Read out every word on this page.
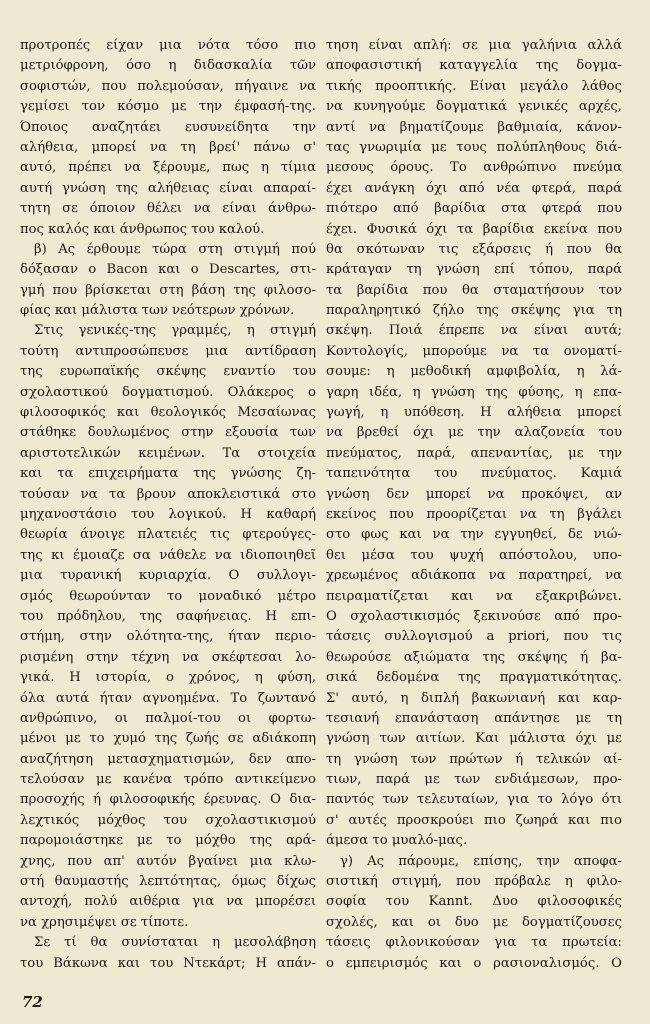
προτροπές είχαν μια νότα τόσο πιο
μετριόφρονη, όσο η διδασκαλία τῶν
σοφιστών, που πολεμούσαν, πήγαινε να
γεμίσει τον κόσμο με την έμφασή-της.
Όποιος αναζητάει ευσυνείδητα την
αλήθεια, μπορεί να τη βρεί' πάνω σ'
αυτό, πρέπει να ξέρουμε, πως η τίμια
αυτή γνώση της αλήθειας είναι απαραί-
τητη σε όποιον θέλει να είναι άνθρω-
πος καλός και άνθρωπος του καλού.
β) Ας έρθουμε τώρα στη στιγμή πού
δόξασαν ο Bacon και ο Descartes, στι-
γμή που βρίσκεται στη βάση της φιλοσο-
φίας και μάλιστα των νεότερων χρόνων.
Στις γενικές-της γραμμές, η στιγμή
τούτη αντιπροσώπευσε μια αντίδραση
της ευρωπαϊκής σκέψης εναντίο του
σχολαστικού δογματισμού. Ολάκερος ο
φιλοσοφικός και θεολογικός Μεσαίωνας
στάθηκε δουλωμένος στην εξουσία των
αριστοτελικών κειμένων. Τα στοιχεία
και τα επιχειρήματα της γνώσης ζη-
τούσαν να τα βρουν αποκλειστικά στο
μηχανοστάσιο του λογικού. Η καθαρή
θεωρία άνοιγε πλατειές τις φτερούγες-
της κι έμοιαζε σα νάθελε να ιδιοποιηθεῖ
μια τυρανική κυριαρχία. Ο συλλογι-
σμός θεωρούνταν το μοναδικό μέτρο
του πρόδηλου, της σαφήνειας. Η επι-
στήμη, στην ολότητα-της, ήταν περιο-
ρισμένη στην τέχνη να σκέφτεσαι λο-
γικά. Η ιστορία, ο χρόνος, η φύση,
όλα αυτά ήταν αγνοημένα. Το ζωντανό
ανθρώπινο, οι παλμοί-του οι φορτω-
μένοι με το χυμό της ζωής σε αδιάκοπη
αναζήτηση μετασχηματισμών, δεν απο-
τελούσαν με κανένα τρόπο αντικείμενο
προσοχής ή φιλοσοφικής έρευνας. Ο δια-
λεχτικός μόχθος του σχολαστικισμού
παρομοιάστηκε με το μόχθο της αρά-
χνης, που απ' αυτόν βγαίνει μια κλω-
στή θαυμαστής λεπτότητας, όμως δίχως
αντοχή, πολύ αιθέρια για να μπορέσει
να χρησιμέψει σε τίποτε.
Σε τί θα συνίσταται η μεσολάβηση
του Βάκωνα και του Ντεκάρτ; Η απάν-
τηση είναι απλή: σε μια γαλήνια αλλά
αποφασιστική καταγγελία της δογμα-
τικής προοπτικής. Είναι μεγάλο λάθος
να κυνηγούμε δογματικά γενικές αρχές,
αντί να βηματίζουμε βαθμιαία, κάνον-
τας γνωριμία με τους πολύπληθους διά-
μεσους όρους. Το ανθρώπινο πνεύμα
έχει ανάγκη όχι από νέα φτερά, παρά
πιότερο από βαρίδια στα φτερά που
έχει. Φυσικά όχι τα βαρίδια εκείνα που
θα σκότωναν τις εξάρσεις ή που θα
κράταγαν τη γνώση επί τόπου, παρά
τα βαρίδια που θα σταματήσουν τον
παραληρητικό ζήλο της σκέψης για τη
σκέψη. Ποιά έπρεπε να είναι αυτά;
Κοντολογίς, μπορούμε να τα ονοματί-
σουμε: η μεθοδική αμφιβολία, η λά-
γαρη ιδέα, η γνώση της φύσης, η επα-
γωγή, η υπόθεση. Η αλήθεια μπορεί
να βρεθεί όχι με την αλαζονεία του
πνεύματος, παρά, απεναντίας, με την
ταπεινότητα του πνεύματος. Καμιά
γνώση δεν μπορεί να προκόψει, αν
εκείνος που προορίζεται να τη βγάλει
στο φως και να την εγγυηθεί, δε νιώ-
θει μέσα του ψυχή απόστολου, υπο-
χρεωμένος αδιάκοπα να παρατηρεί, να
πειραματίζεται και να εξακριβώνει.
Ο σχολαστικισμός ξεκινούσε από προ-
τάσεις συλλογισμού a priori, που τις
θεωρούσε αξιώματα της σκέψης ή βα-
σικά δεδομένα της πραγματικότητας.
Σ' αυτό, η διπλή βακωνιανή και καρ-
τεσιανή επανάσταση απάντησε με τη
γνώση των αιτίων. Και μάλιστα όχι με
τη γνώση των πρώτων ή τελικών αί-
τιων, παρά με των ενδιάμεσων, προ-
παντός των τελευταίων, για το λόγο ότι
σ' αυτές προσκρούει πιο ζωηρά και πιο
άμεσα το μυαλό-μας.
γ) Ας πάρουμε, επίσης, την αποφα-
σιστική στιγμή, που πρόβαλε η φιλο-
σοφία του Kannt. Δυο φιλοσοφικές
σχολές, και οι δυο με δογματίζουσες
τάσεις φιλονικούσαν για τα πρωτεία:
ο εμπειρισμός και ο ρασιοναλισμός. Ο
72
